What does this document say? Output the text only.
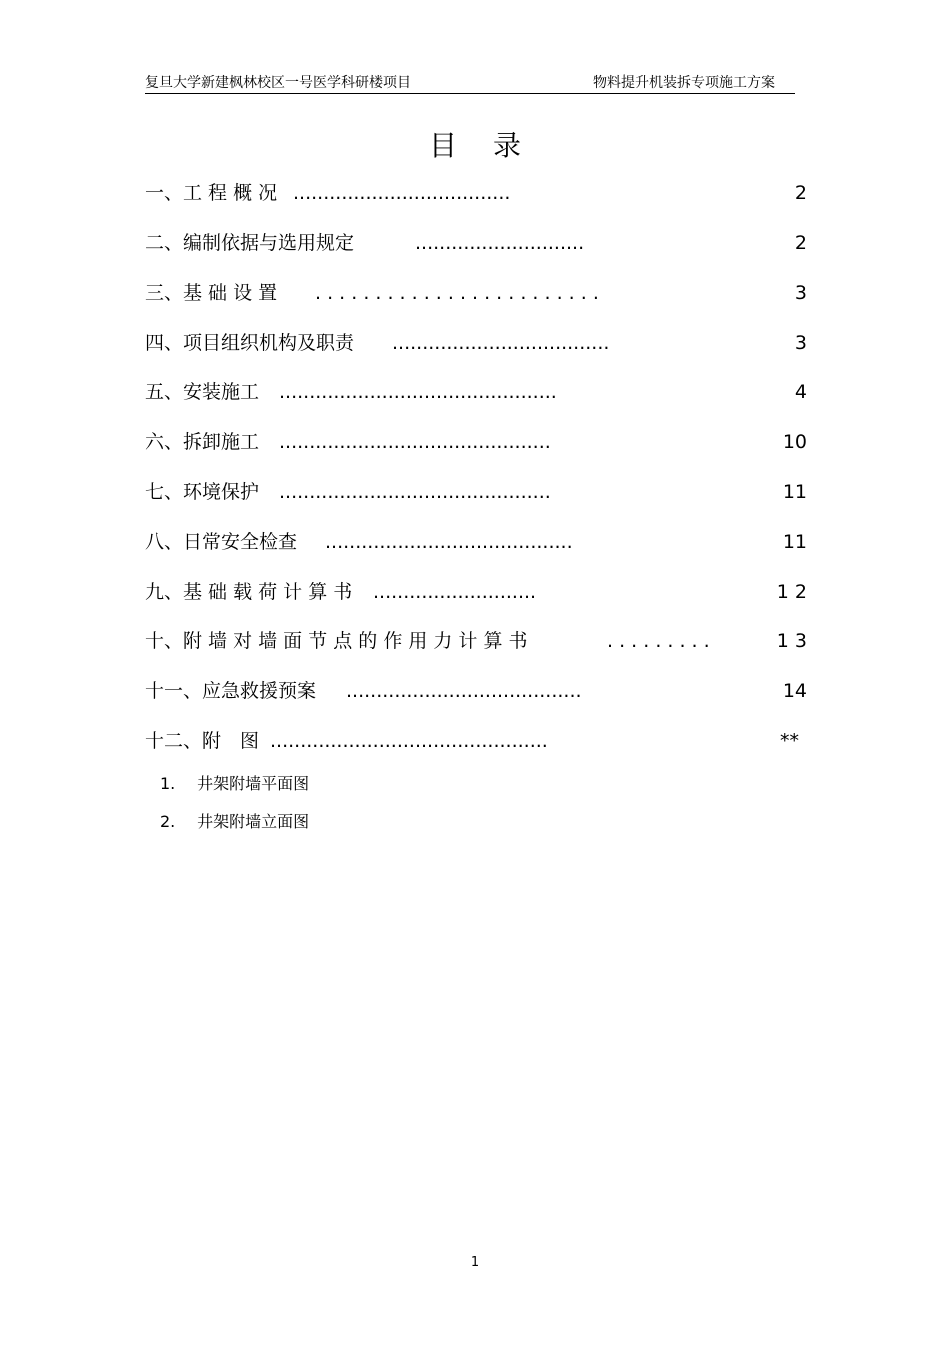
复旦大学新建枫林校区一号医学科研楼项目	物料提升机装拆专项施工方案
目录
一、工 程 概 况 ....................................	2
二、编制依据与选用规定	............................	2
三、基 础 设 置 . . . . . . . . . . . . . . . . . . . . . . . .	3
四、项目组织机构及职责 ....................................	3
五、安装施工 ..............................................	4
六、拆卸施工 .............................................	10
七、环境保护 .............................................	11
八、日常安全检查 .........................................	11
九、基 础 载 荷 计 算 书 ...........................	1 2
十、附 墙 对 墙 面 节 点 的 作 用 力 计 算 书	. . . . . . . . .	1 3
十一、应急救援预案 .......................................	14
十二、附　图 ..............................................	**
1. 井架附墙平面图
2. 井架附墙立面图
1
